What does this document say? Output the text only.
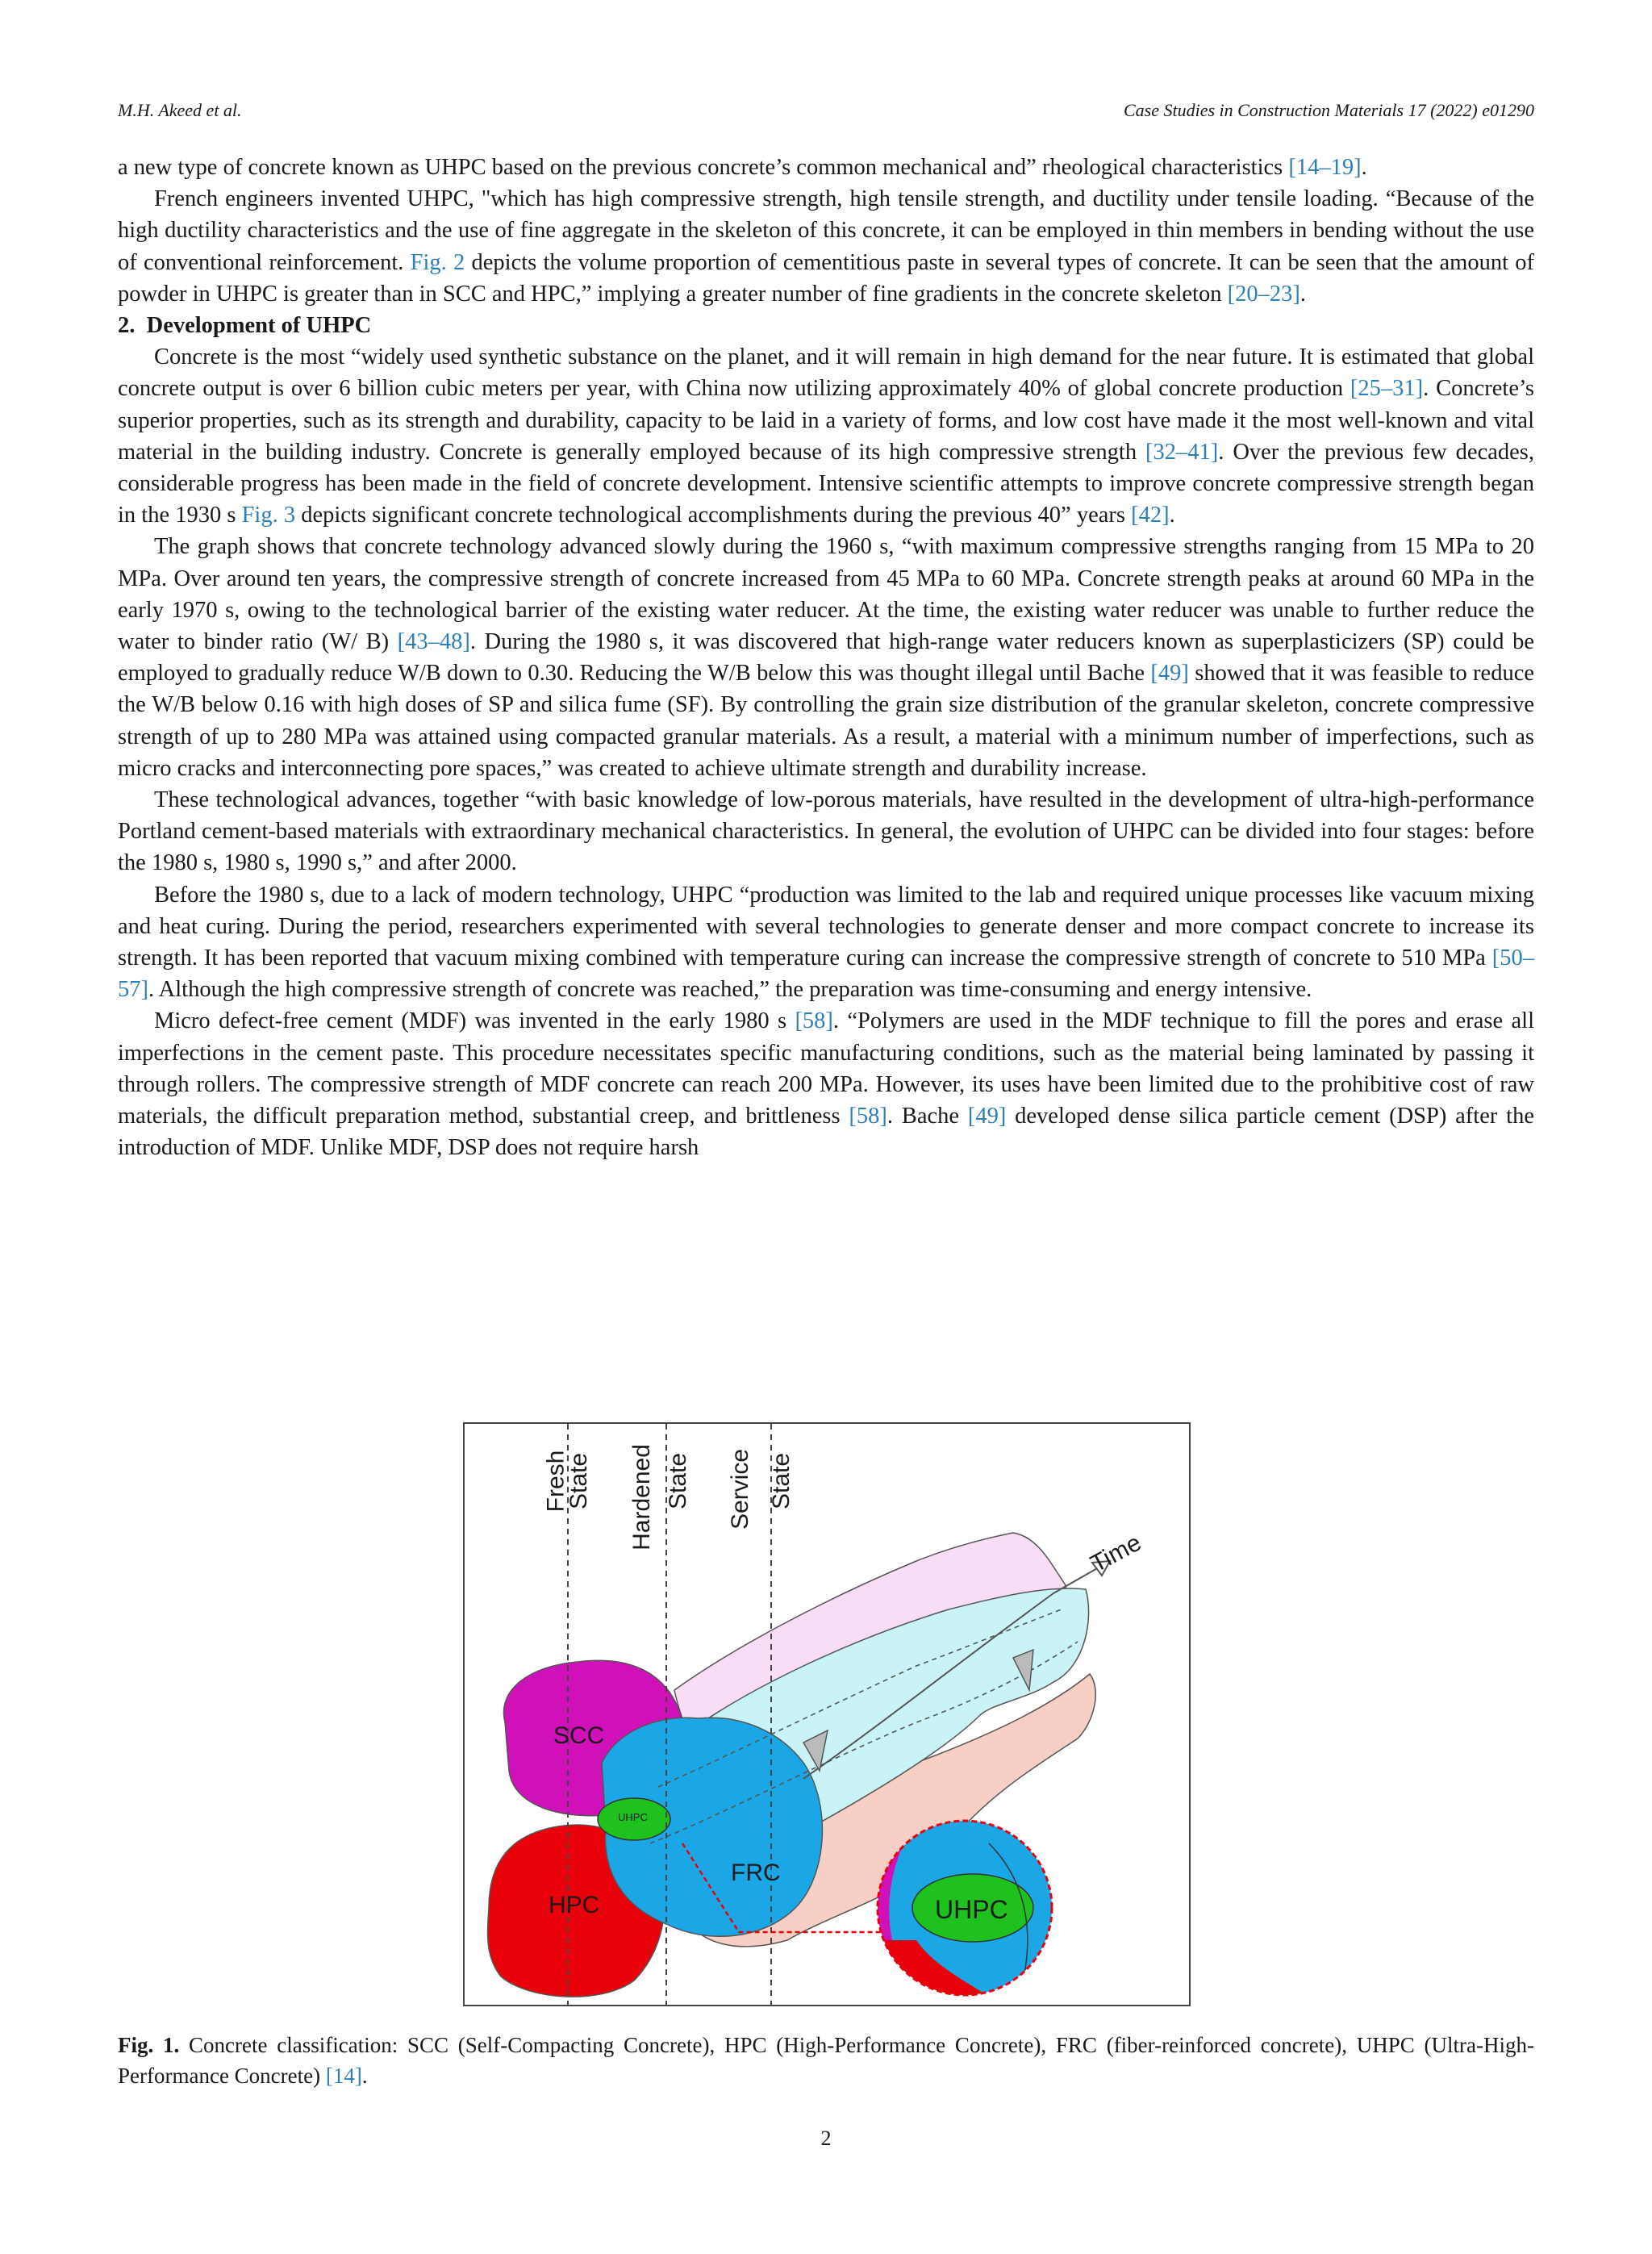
M.H. Akeed et al.	Case Studies in Construction Materials 17 (2022) e01290

a new type of concrete known as UHPC based on the previous concrete’s common mechanical and” rheological characteristics [14–19].

French engineers invented UHPC, "which has high compressive strength, high tensile strength, and ductility under tensile loading. “Because of the high ductility characteristics and the use of fine aggregate in the skeleton of this concrete, it can be employed in thin members in bending without the use of conventional reinforcement. Fig. 2 depicts the volume proportion of cementitious paste in several types of concrete. It can be seen that the amount of powder in UHPC is greater than in SCC and HPC,” implying a greater number of fine gradients in the concrete skeleton [20–23].

2. Development of UHPC

Concrete is the most “widely used synthetic substance on the planet, and it will remain in high demand for the near future. It is estimated that global concrete output is over 6 billion cubic meters per year, with China now utilizing approximately 40% of global concrete production [25–31]. Concrete’s superior properties, such as its strength and durability, capacity to be laid in a variety of forms, and low cost have made it the most well-known and vital material in the building industry. Concrete is generally employed because of its high compressive strength [32–41]. Over the previous few decades, considerable progress has been made in the field of concrete development. Intensive scientific attempts to improve concrete compressive strength began in the 1930 s Fig. 3 depicts significant concrete technological accomplishments during the previous 40” years [42].

The graph shows that concrete technology advanced slowly during the 1960 s, “with maximum compressive strengths ranging from 15 MPa to 20 MPa. Over around ten years, the compressive strength of concrete increased from 45 MPa to 60 MPa. Concrete strength peaks at around 60 MPa in the early 1970 s, owing to the technological barrier of the existing water reducer. At the time, the existing water reducer was unable to further reduce the water to binder ratio (W/ B) [43–48]. During the 1980 s, it was discovered that high-range water reducers known as superplasticizers (SP) could be employed to gradually reduce W/B down to 0.30. Reducing the W/B below this was thought illegal until Bache [49] showed that it was feasible to reduce the W/B below 0.16 with high doses of SP and silica fume (SF). By controlling the grain size distribution of the granular skeleton, concrete compressive strength of up to 280 MPa was attained using compacted granular materials. As a result, a material with a minimum number of imperfections, such as micro cracks and interconnecting pore spaces,” was created to achieve ultimate strength and durability increase.

These technological advances, together “with basic knowledge of low-porous materials, have resulted in the development of ultra-high-performance Portland cement-based materials with extraordinary mechanical characteristics. In general, the evolution of UHPC can be divided into four stages: before the 1980 s, 1980 s, 1990 s,” and after 2000.

Before the 1980 s, due to a lack of modern technology, UHPC “production was limited to the lab and required unique processes like vacuum mixing and heat curing. During the period, researchers experimented with several technologies to generate denser and more compact concrete to increase its strength. It has been reported that vacuum mixing combined with temperature curing can increase the compressive strength of concrete to 510 MPa [50–57]. Although the high compressive strength of concrete was reached,” the preparation was time-consuming and energy intensive.

Micro defect-free cement (MDF) was invented in the early 1980 s [58]. “Polymers are used in the MDF technique to fill the pores and erase all imperfections in the cement paste. This procedure necessitates specific manufacturing conditions, such as the material being laminated by passing it through rollers. The compressive strength of MDF concrete can reach 200 MPa. However, its uses have been limited due to the prohibitive cost of raw materials, the difficult preparation method, substantial creep, and brittleness [58]. Bache [49] developed dense silica particle cement (DSP) after the introduction of MDF. Unlike MDF, DSP does not require harsh

Fresh
State Hardened State Service State
Time
SCC
HPC
FRC
UHPC
UHPC
Fig. 1. Concrete classification: SCC (Self-Compacting Concrete), HPC (High-Performance Concrete), FRC (fiber-reinforced concrete), UHPC (Ultra-High-Performance Concrete) [14].
2
